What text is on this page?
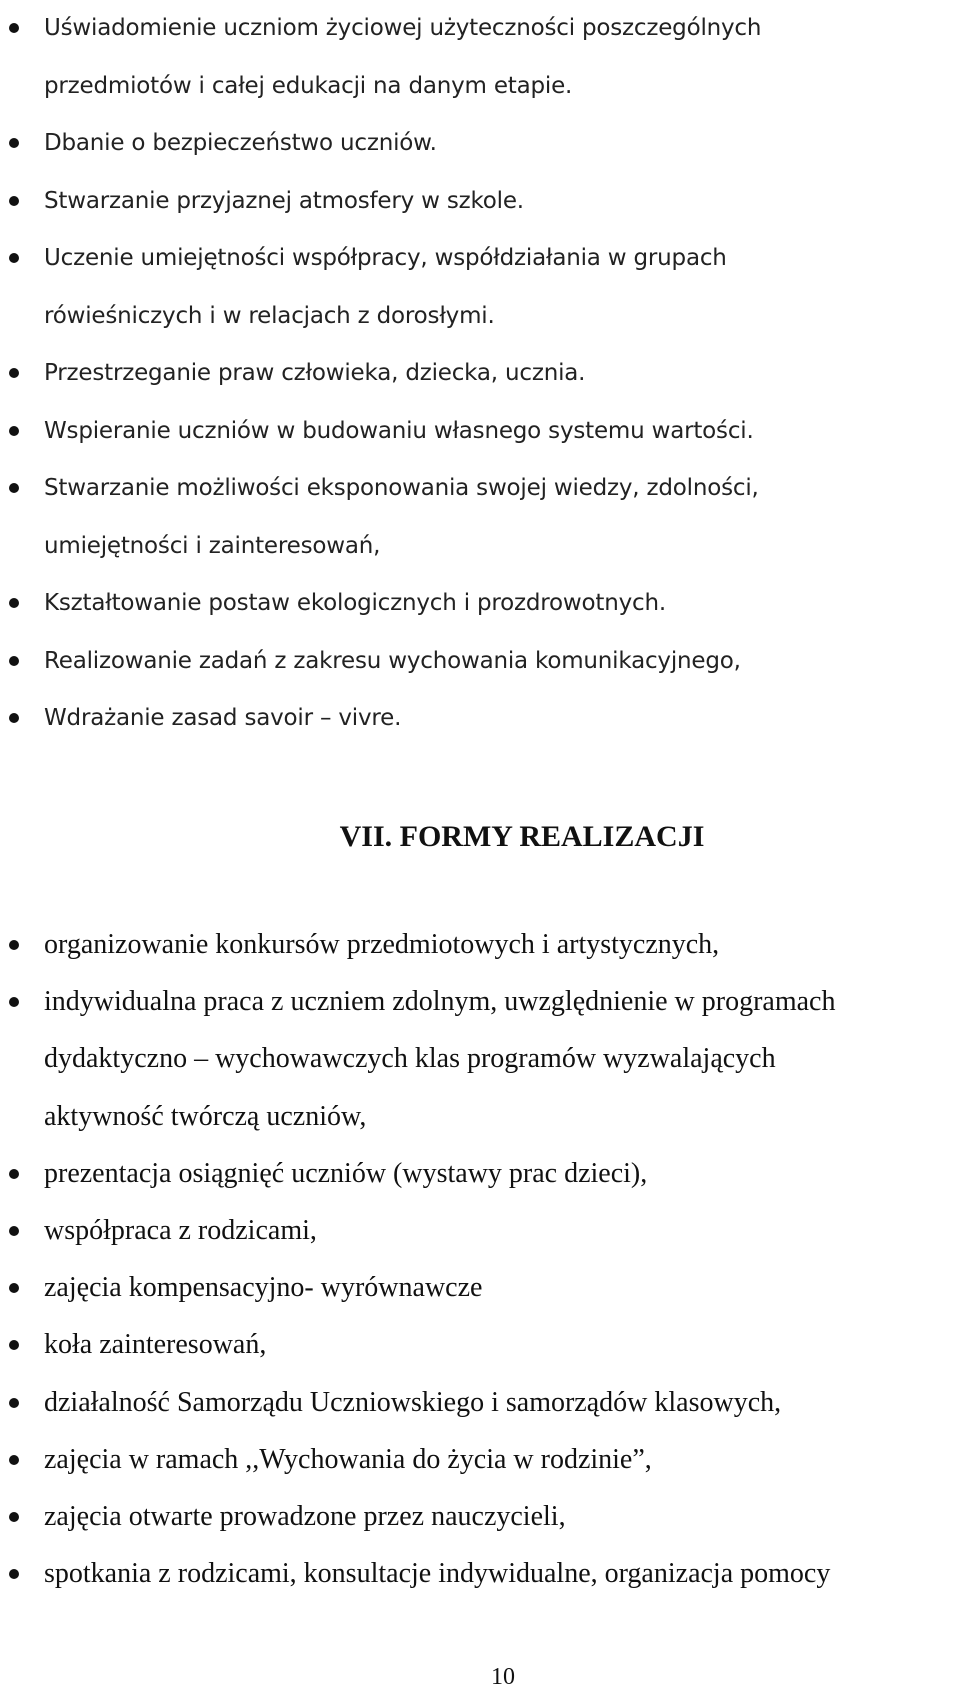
Uświadomienie uczniom życiowej użyteczności poszczególnych
przedmiotów i całej edukacji na danym etapie.
Dbanie o bezpieczeństwo uczniów.
Stwarzanie przyjaznej atmosfery w szkole.
Uczenie umiejętności współpracy, współdziałania w grupach
rówieśniczych i w relacjach z dorosłymi.
Przestrzeganie praw człowieka, dziecka, ucznia.
Wspieranie uczniów w budowaniu własnego systemu wartości.
Stwarzanie możliwości eksponowania swojej wiedzy, zdolności,
umiejętności i zainteresowań,
Kształtowanie postaw ekologicznych i prozdrowotnych.
Realizowanie zadań z zakresu wychowania komunikacyjnego,
Wdrażanie zasad savoir – vivre.
VII. FORMY REALIZACJI
organizowanie konkursów przedmiotowych i artystycznych,
indywidualna praca z uczniem zdolnym, uwzględnienie w programach
dydaktyczno – wychowawczych klas programów wyzwalających
aktywność twórczą uczniów,
prezentacja osiągnięć uczniów (wystawy prac dzieci),
współpraca z rodzicami,
zajęcia kompensacyjno- wyrównawcze
koła zainteresowań,
działalność Samorządu Uczniowskiego i samorządów klasowych,
zajęcia w ramach ,,Wychowania do życia w rodzinie”,
zajęcia otwarte prowadzone przez nauczycieli,
spotkania z rodzicami, konsultacje indywidualne, organizacja pomocy
10
